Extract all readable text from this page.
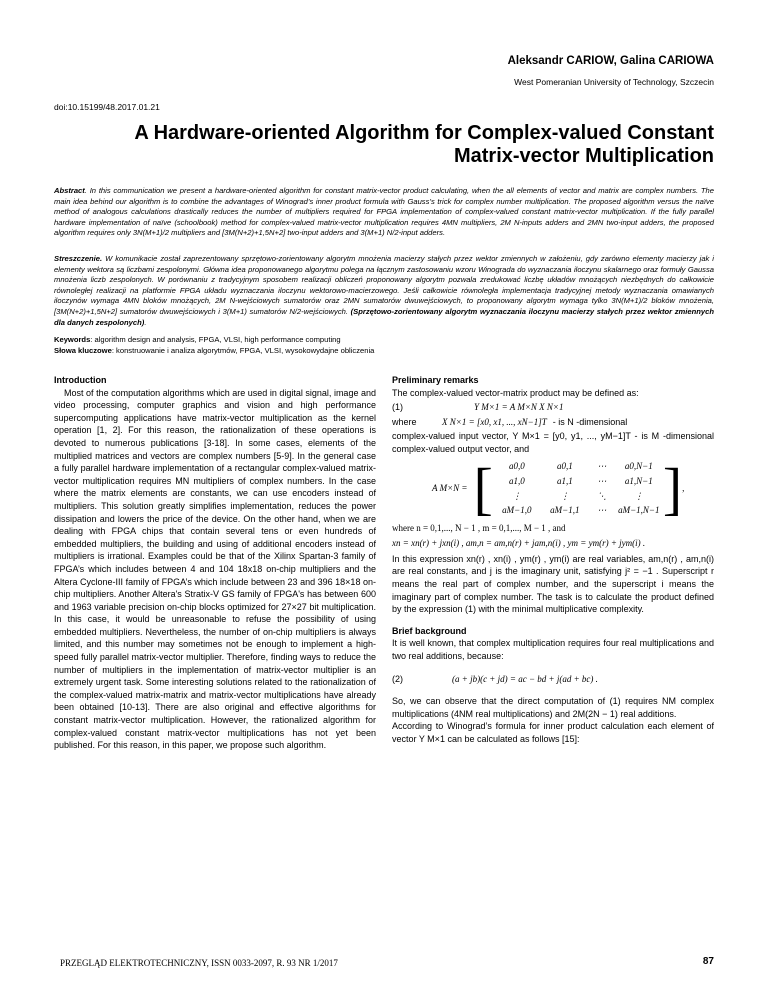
Aleksandr CARIOW, Galina CARIOWA
West Pomeranian University of Technology, Szczecin
doi:10.15199/48.2017.01.21
A Hardware-oriented Algorithm for Complex-valued Constant Matrix-vector Multiplication
Abstract. In this communication we present a hardware-oriented algorithm for constant matrix-vector product calculating, when the all elements of vector and matrix are complex numbers. The main idea behind our algorithm is to combine the advantages of Winograd’s inner product formula with Gauss’s trick for complex number multiplication. The proposed algorithm versus the naïve method of analogous calculations drastically reduces the number of multipliers required for FPGA implementation of complex-valued constant matrix-vector multiplication. If the fully parallel hardware implementation of naïve (schoolbook) method for complex-valued matrix-vector multiplication requires 4MN multipliers, 2M N-inputs adders and 2MN two-input adders, the proposed algorithm requires only 3N(M+1)/2 multipliers and [3M(N+2)+1,5N+2] two-input adders and 3(M+1) N/2-input adders.
Streszczenie. W komunikacie został zaprezentowany sprzętowo-zorientowany algorytm mnożenia macierzy stałych przez wektor zmiennych w założeniu, gdy zarówno elementy macierzy jak i elementy wektora są liczbami zespolonymi. Główna idea proponowanego algorytmu polega na łącznym zastosowaniu wzoru Winograda do wyznaczania iloczynu skalarnego oraz formuły Gaussa mnożenia liczb zespolonych. W porównaniu z tradycyjnym sposobem realizacji obliczeń proponowany algorytm pozwala zredukować liczbę układów mnożących niezbędnych do całkowicie równoległej realizacji na platformie FPGA układu wyznaczania iloczynu wektorowo-macierzowego. Jeśli całkowicie równoległa implementacja tradycyjnej metody wyznaczania omawianych iloczynów wymaga 4MN bloków mnożących, 2M N-wejściowych sumatorów oraz 2MN sumatorów dwuwejściowych, to proponowany algorytm wymaga tylko 3N(M+1)/2 bloków mnożenia, [3M(N+2)+1,5N+2] sumatorów dwuwejściowych i 3(M+1) sumatorów N/2-wejściowych. (Sprzętowo-zorientowany algorytm wyznaczania iloczynu macierzy stałych przez wektor zmiennych dla danych zespolonych).
Keywords: algorithm design and analysis, FPGA, VLSI, high performance computing
Słowa kluczowe: konstruowanie i analiza algorytmów, FPGA, VLSI, wysokowydajne obliczenia

Introduction

Most of the computation algorithms which are used in digital signal, image and video processing, computer graphics and vision and high performance supercomputing applications have matrix-vector multiplication as the kernel operation [1, 2]. For this reason, the rationalization of these operations is devoted to numerous publications [3-18]. In some cases, elements of the multiplied matrices and vectors are complex numbers [5-9]. In the general case a fully parallel hardware implementation of a rectangular complex-valued matrix-vector multiplication requires MN multipliers of complex numbers. In the case where the matrix elements are constants, we can use encoders instead of multipliers. This solution greatly simplifies implementation, reduces the power dissipation and lowers the price of the device. On the other hand, when we are dealing with FPGA chips that contain several tens or even hundreds of embedded multipliers, the building and using of additional encoders instead of multipliers is irrational. Examples could be that of the Xilinx Spartan-3 family of FPGA’s which includes between 4 and 104 18x18 on-chip multipliers and the Altera Cyclone-III family of FPGA’s which include between 23 and 396 18×18 on-chip multipliers. Another Altera's Stratix-V GS family of FPGA's has between 600 and 1963 variable precision on-chip blocks optimized for 27×27 bit multiplication. In this case, it would be unreasonable to refuse the possibility of using embedded multipliers. Nevertheless, the number of on-chip multipliers is always limited, and this number may sometimes not be enough to implement a high-speed fully parallel matrix-vector multiplier. Therefore, finding ways to reduce the number of multipliers in the implementation of matrix-vector multiplier is an extremely urgent task. Some interesting solutions related to the rationalization of the complex-valued matrix-matrix and matrix-vector multiplications have already been obtained [10-13]. There are also original and effective algorithms for constant matrix-vector multiplication. However, the rationalized algorithm for complex-valued constant matrix-vector multiplications has not yet been published. For this reason, in this paper, we propose such algorithm.

Preliminary remarks

The complex-valued vector-matrix product may be defined as:

(1)	Y M×1 = A M×N X N×1
where	X N×1 = [x0, x1, ..., xN−1]T - is N -dimensional

complex-valued input vector, Y M×1 = [y0, y1, ..., yM−1]T - is M -dimensional complex-valued output vector, and

A M×N = [	a0,0	a0,1	⋯	a0,N−1
a1,0	a1,1	⋯	a1,N−1
⋮	⋮	⋱	⋮
aM−1,0	aM−1,1	⋯	aM−1,N−1 ] ,

where n = 0,1,..., N − 1 , m = 0,1,..., M − 1 , and

xn = xn(r) + jxn(i) , am,n = am,n(r) + jam,n(i) , ym = ym(r) + jym(i) .

In this expression xn(r) , xn(i) , ym(r) , ym(i) are real variables, am,n(r) , am,n(i) are real constants, and j is the imaginary unit, satisfying j² = −1 . Superscript r means the real part of complex number, and the superscript i means the imaginary part of complex number. The task is to calculate the product defined by the expression (1) with the minimal multiplicative complexity.

Brief background

It is well known, that complex multiplication requires four real multiplications and two real additions, because:

(2)	(a + jb)(c + jd) = ac − bd + j(ad + bc) .

So, we can observe that the direct computation of (1) requires NM complex multiplications (4NM real multiplications) and 2M(2N − 1) real additions.

According to Winograd’s formula for inner product calculation each element of vector Y M×1 can be calculated as follows [15]:

PRZEGLĄD ELEKTROTECHNICZNY, ISSN 0033-2097, R. 93 NR 1/2017	87
